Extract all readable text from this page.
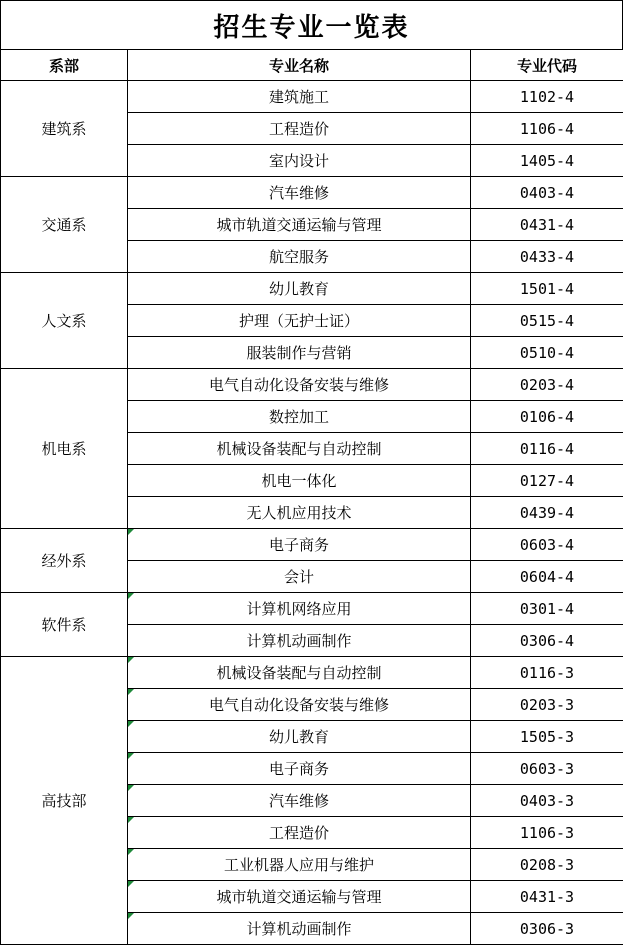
招生专业一览表
系部	专业名称	专业代码
建筑系	建筑施工	1102-4
	工程造价	1106-4
	室内设计	1405-4
交通系	汽车维修	0403-4
	城市轨道交通运输与管理	0431-4
	航空服务	0433-4
人文系	幼儿教育	1501-4
	护理（无护士证）	0515-4
	服装制作与营销	0510-4
机电系	电气自动化设备安装与维修	0203-4
	数控加工	0106-4
	机械设备装配与自动控制	0116-4
	机电一体化	0127-4
	无人机应用技术	0439-4
经外系	电子商务	0603-4
	会计	0604-4
软件系	计算机网络应用	0301-4
	计算机动画制作	0306-4
高技部	机械设备装配与自动控制	0116-3
	电气自动化设备安装与维修	0203-3
	幼儿教育	1505-3
	电子商务	0603-3
	汽车维修	0403-3
	工程造价	1106-3
	工业机器人应用与维护	0208-3
	城市轨道交通运输与管理	0431-3
	计算机动画制作	0306-3
